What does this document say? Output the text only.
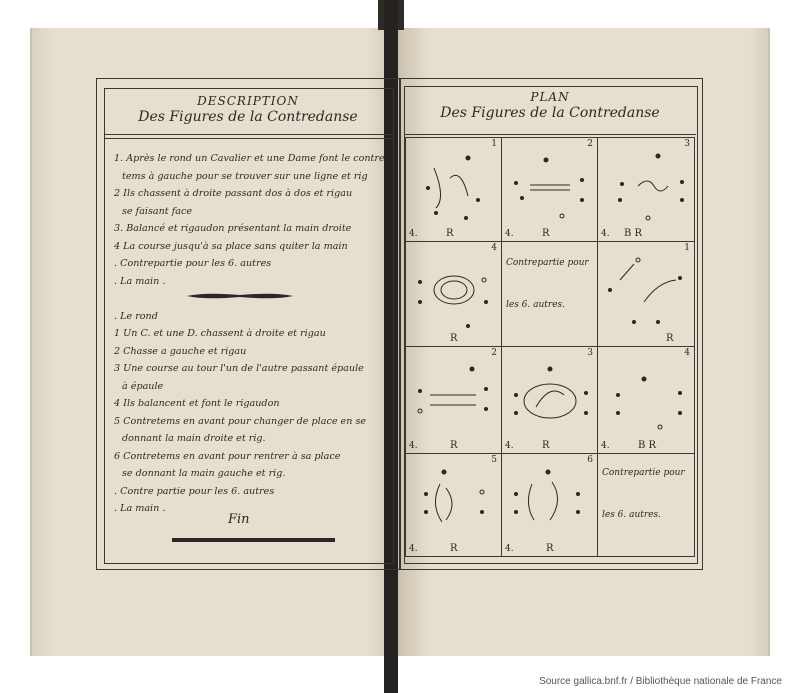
DESCRIPTION
Des Figures de la Contredanse
1. Après le rond un Cavalier et une Dame font le contre
tems à gauche pour se trouver sur une ligne et rig
2 Ils chassent à droite passant dos à dos et rigau
se faisant face
3. Balancé et rigaudon présentant la main droite
4 La course jusqu'à sa place sans quiter la main
. Contrepartie pour les 6. autres
. La main .
. Le rond
1 Un C. et une D. chassent à droite et rigau
2 Chasse a gauche et rigau
3 Une course au tour l'un de l'autre passant épaule
à épaule
4 Ils balancent et font le rigaudon
5 Contretems en avant pour changer de place en se
donnant la main droite et rig.
6 Contretems en avant pour rentrer à sa place
se donnant la main gauche et rig.
. Contre partie pour les 6. autres
. La main .
Fin
PLAN
Des Figures de la Contredanse
1
4.	R
2
4.	R
3
4. B R
4
R
Contrepartie pour
les 6. autres.
1
R
2
4.	R
3
4.	R
4
4.	B R
5
4.	R
6
4.	R
Contrepartie pour
les 6. autres.
Source gallica.bnf.fr / Bibliothèque nationale de France
